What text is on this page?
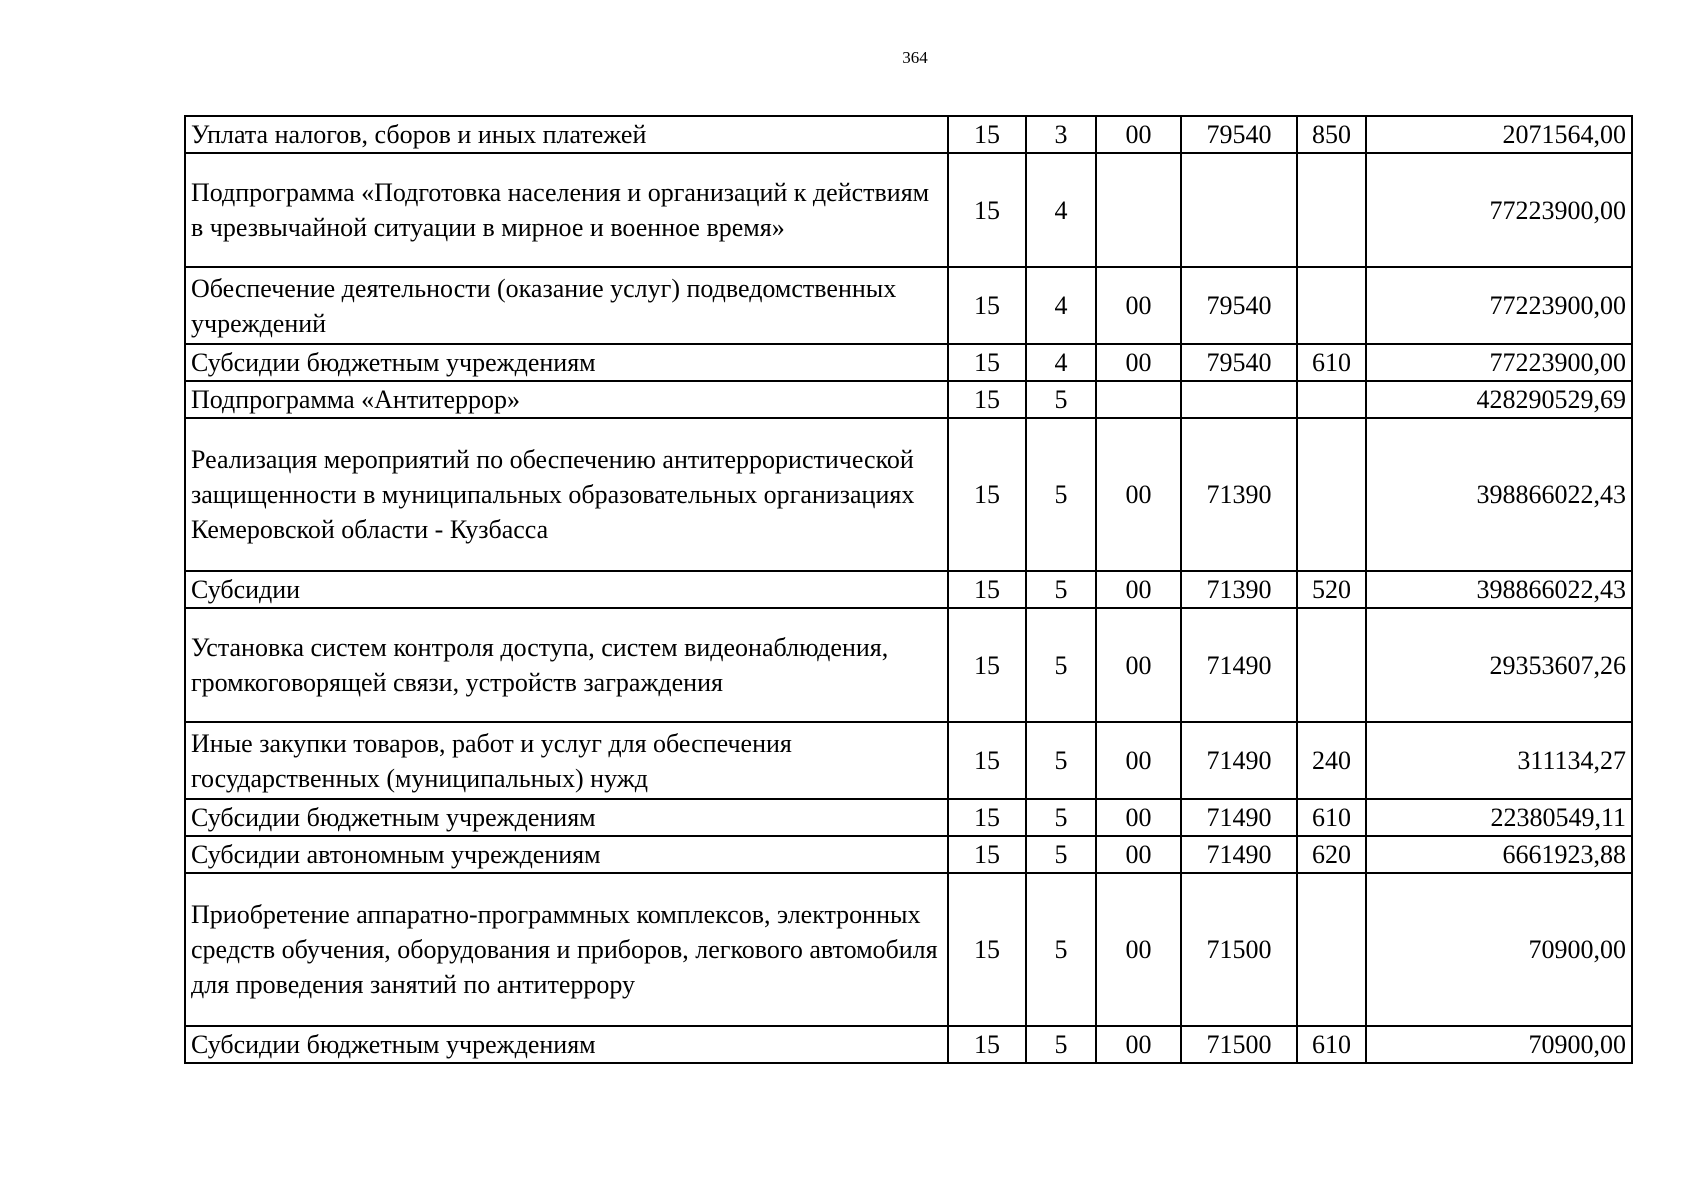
364
Уплата налогов, сборов и иных платежей	15	3	00	79540	850	2071564,00
Подпрограмма «Подготовка населения и организаций к действиям в чрезвычайной ситуации в мирное и военное время»	15	4				77223900,00
Обеспечение деятельности (оказание услуг) подведомственных учреждений	15	4	00	79540		77223900,00
Субсидии бюджетным учреждениям	15	4	00	79540	610	77223900,00
Подпрограмма «Антитеррор»	15	5				428290529,69
Реализация мероприятий по обеспечению антитеррористической защищенности в муниципальных образовательных организациях Кемеровской области - Кузбасса	15	5	00	71390		398866022,43
Субсидии	15	5	00	71390	520	398866022,43
Установка систем контроля доступа, систем видеонаблюдения, громкоговорящей связи, устройств заграждения	15	5	00	71490		29353607,26
Иные закупки товаров, работ и услуг для обеспечения государственных (муниципальных) нужд	15	5	00	71490	240	311134,27
Субсидии бюджетным учреждениям	15	5	00	71490	610	22380549,11
Субсидии автономным учреждениям	15	5	00	71490	620	6661923,88
Приобретение аппаратно-программных комплексов, электронных средств обучения, оборудования и приборов, легкового автомобиля для проведения занятий по антитеррору	15	5	00	71500		70900,00
Субсидии бюджетным учреждениям	15	5	00	71500	610	70900,00
